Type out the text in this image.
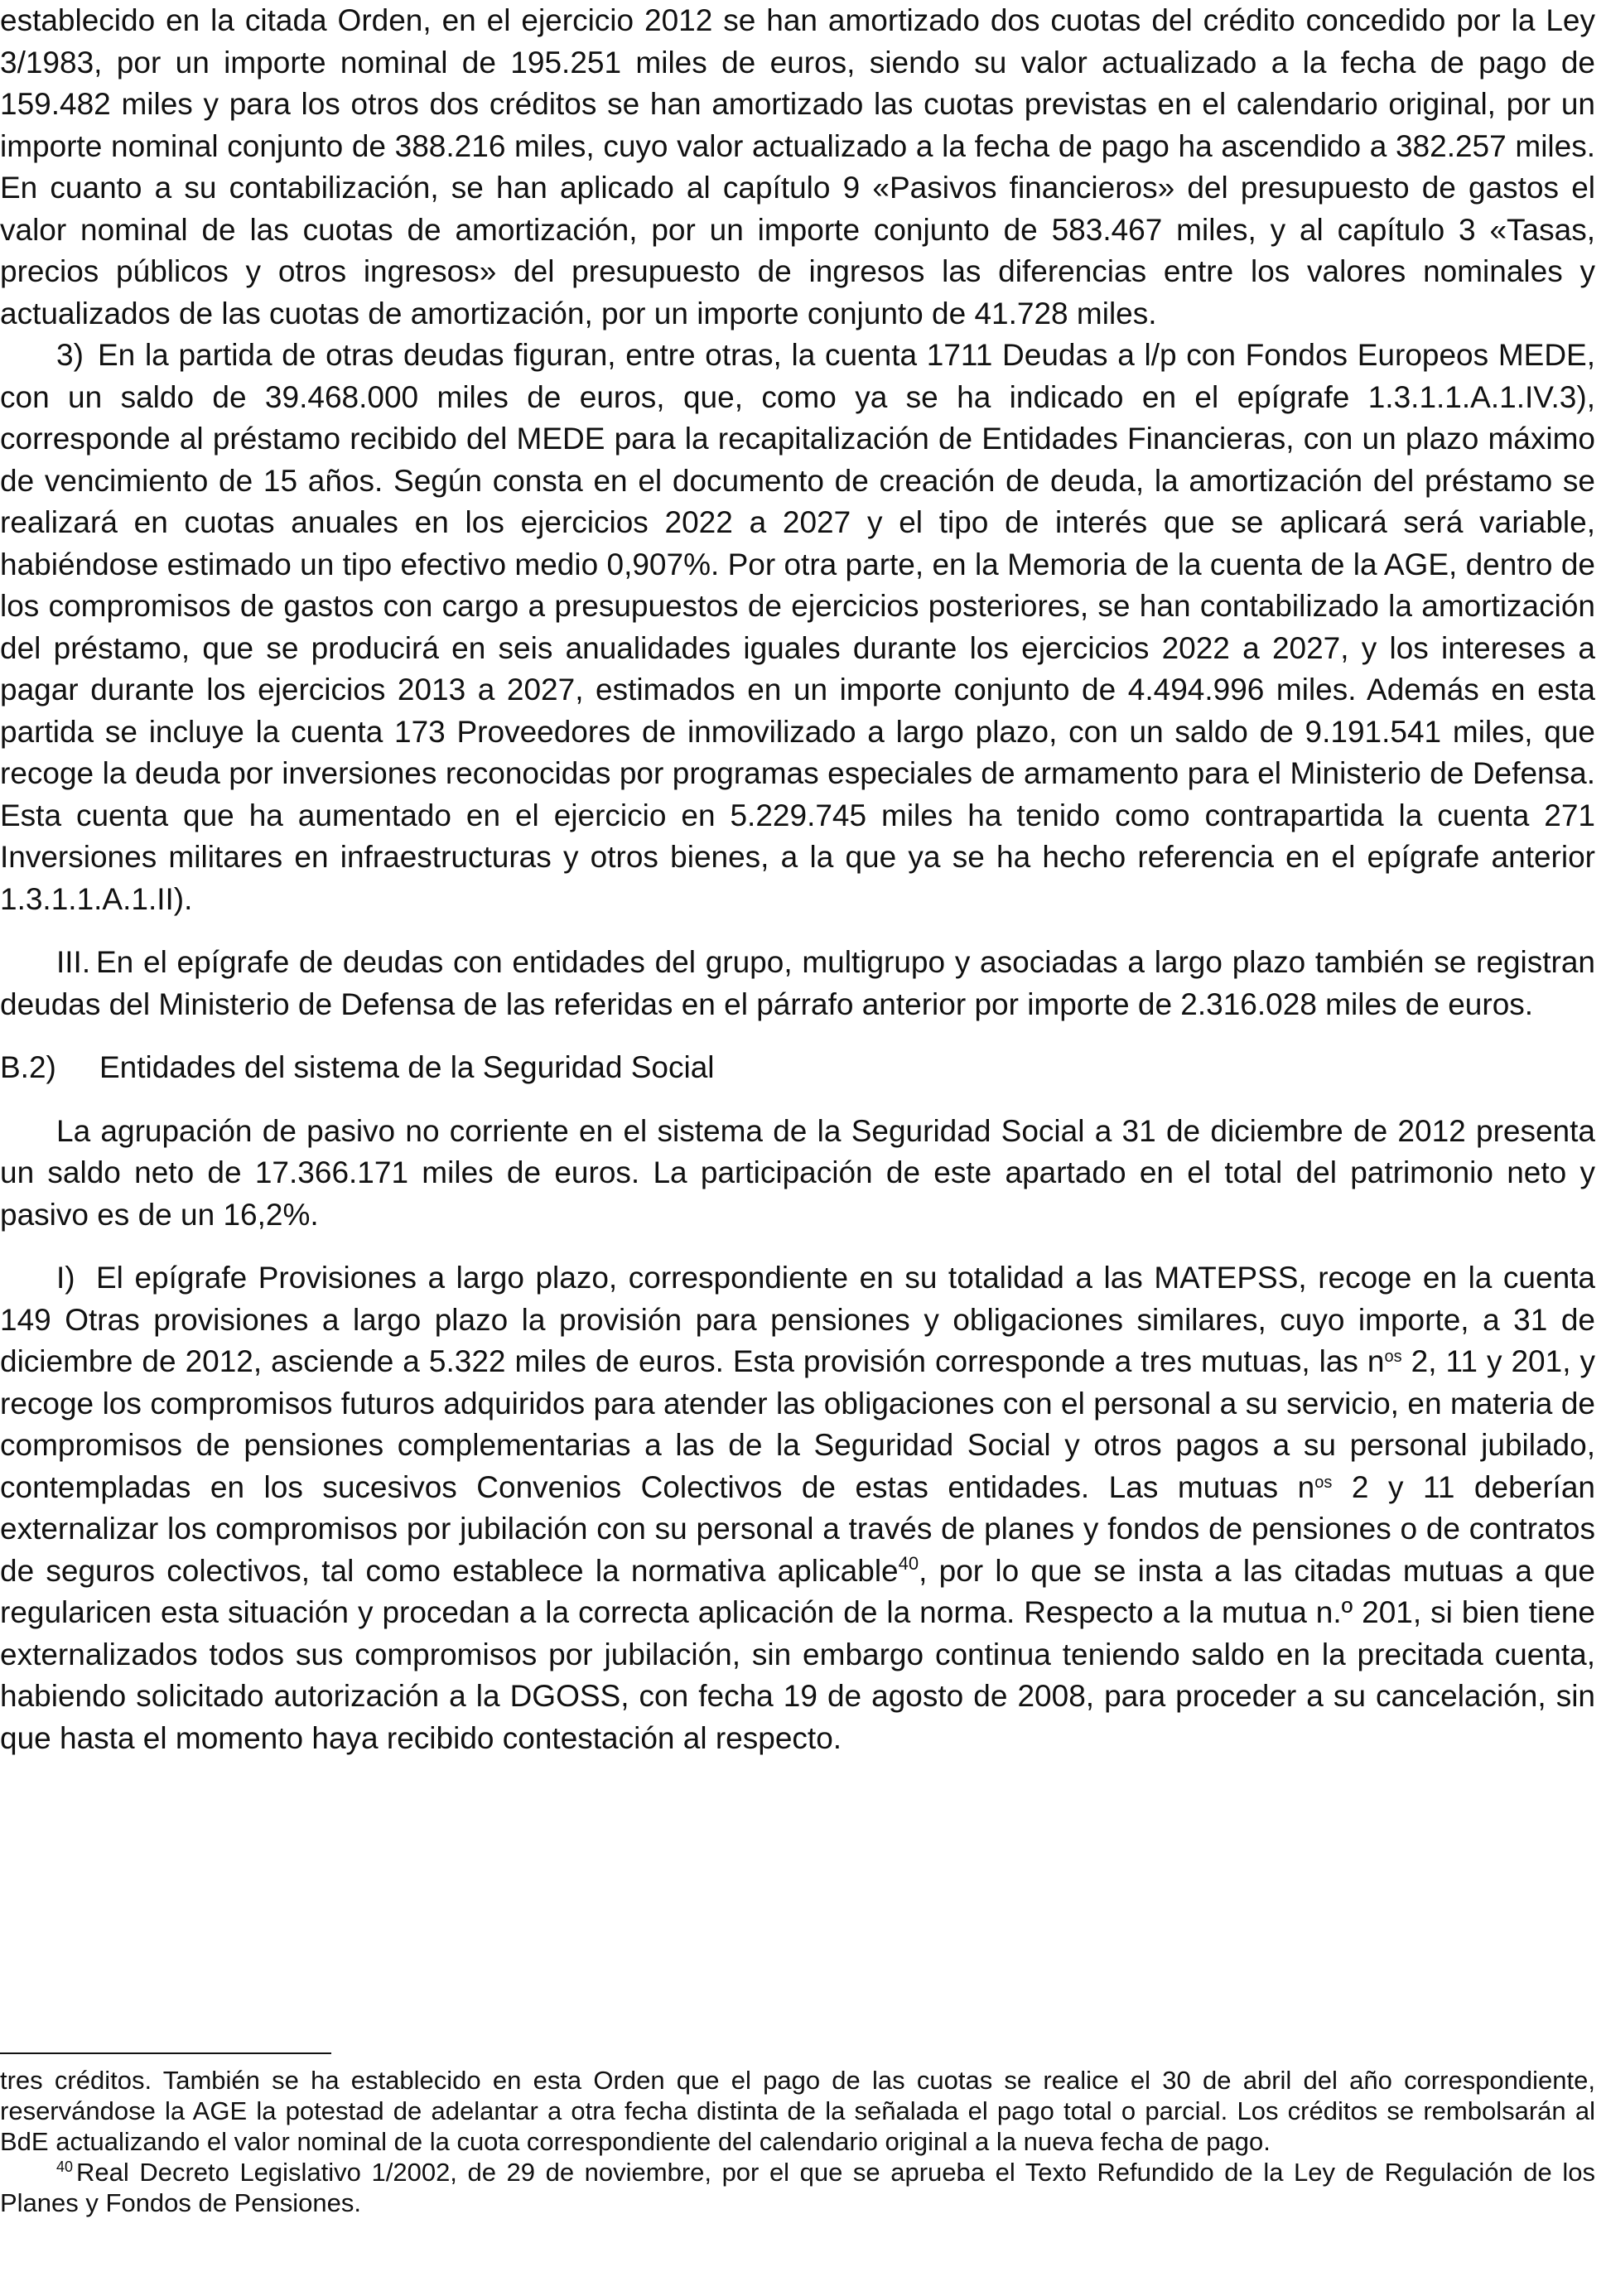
establecido en la citada Orden, en el ejercicio 2012 se han amortizado dos cuotas del crédito concedido por la Ley 3/1983, por un importe nominal de 195.251 miles de euros, siendo su valor actualizado a la fecha de pago de 159.482 miles y para los otros dos créditos se han amortizado las cuotas previstas en el calendario original, por un importe nominal conjunto de 388.216 miles, cuyo valor actualizado a la fecha de pago ha ascendido a 382.257 miles. En cuanto a su contabilización, se han aplicado al capítulo 9 «Pasivos financieros» del presupuesto de gastos el valor nominal de las cuotas de amortización, por un importe conjunto de 583.467 miles, y al capítulo 3 «Tasas, precios públicos y otros ingresos» del presupuesto de ingresos las diferencias entre los valores nominales y actualizados de las cuotas de amortización, por un importe conjunto de 41.728 miles.

3) En la partida de otras deudas figuran, entre otras, la cuenta 1711 Deudas a l/p con Fondos Europeos MEDE, con un saldo de 39.468.000 miles de euros, que, como ya se ha indicado en el epígrafe 1.3.1.1.A.1.IV.3), corresponde al préstamo recibido del MEDE para la recapitalización de Entidades Financieras, con un plazo máximo de vencimiento de 15 años. Según consta en el documento de creación de deuda, la amortización del préstamo se realizará en cuotas anuales en los ejercicios 2022 a 2027 y el tipo de interés que se aplicará será variable, habiéndose estimado un tipo efectivo medio 0,907%. Por otra parte, en la Memoria de la cuenta de la AGE, dentro de los compromisos de gastos con cargo a presupuestos de ejercicios posteriores, se han contabilizado la amortización del préstamo, que se producirá en seis anualidades iguales durante los ejercicios 2022 a 2027, y los intereses a pagar durante los ejercicios 2013 a 2027, estimados en un importe conjunto de 4.494.996 miles. Además en esta partida se incluye la cuenta 173 Proveedores de inmovilizado a largo plazo, con un saldo de 9.191.541 miles, que recoge la deuda por inversiones reconocidas por programas especiales de armamento para el Ministerio de Defensa. Esta cuenta que ha aumentado en el ejercicio en 5.229.745 miles ha tenido como contrapartida la cuenta 271 Inversiones militares en infraestructuras y otros bienes, a la que ya se ha hecho referencia en el epígrafe anterior 1.3.1.1.A.1.II).

III. En el epígrafe de deudas con entidades del grupo, multigrupo y asociadas a largo plazo también se registran deudas del Ministerio de Defensa de las referidas en el párrafo anterior por importe de 2.316.028 miles de euros.

B.2) Entidades del sistema de la Seguridad Social

La agrupación de pasivo no corriente en el sistema de la Seguridad Social a 31 de diciembre de 2012 presenta un saldo neto de 17.366.171 miles de euros. La participación de este apartado en el total del patrimonio neto y pasivo es de un 16,2%.

I) El epígrafe Provisiones a largo plazo, correspondiente en su totalidad a las MATEPSS, recoge en la cuenta 149 Otras provisiones a largo plazo la provisión para pensiones y obligaciones similares, cuyo importe, a 31 de diciembre de 2012, asciende a 5.322 miles de euros. Esta provisión corresponde a tres mutuas, las $n^{os}$ 2, 11 y 201, y recoge los compromisos futuros adquiridos para atender las obligaciones con el personal a su servicio, en materia de compromisos de pensiones complementarias a las de la Seguridad Social y otros pagos a su personal jubilado, contempladas en los sucesivos Convenios Colectivos de estas entidades. Las mutuas $n^{os}$ 2 y 11 deberían externalizar los compromisos por jubilación con su personal a través de planes y fondos de pensiones o de contratos de seguros colectivos, tal como establece la normativa aplicable$^{40}$, por lo que se insta a las citadas mutuas a que regularicen esta situación y procedan a la correcta aplicación de la norma. Respecto a la mutua n.º 201, si bien tiene externalizados todos sus compromisos por jubilación, sin embargo continua teniendo saldo en la precitada cuenta, habiendo solicitado autorización a la DGOSS, con fecha 19 de agosto de 2008, para proceder a su cancelación, sin que hasta el momento haya recibido contestación al respecto.

tres créditos. También se ha establecido en esta Orden que el pago de las cuotas se realice el 30 de abril del año correspondiente, reservándose la AGE la potestad de adelantar a otra fecha distinta de la señalada el pago total o parcial. Los créditos se rembolsarán al BdE actualizando el valor nominal de la cuota correspondiente del calendario original a la nueva fecha de pago.

40 Real Decreto Legislativo 1/2002, de 29 de noviembre, por el que se aprueba el Texto Refundido de la Ley de Regulación de los Planes y Fondos de Pensiones.
